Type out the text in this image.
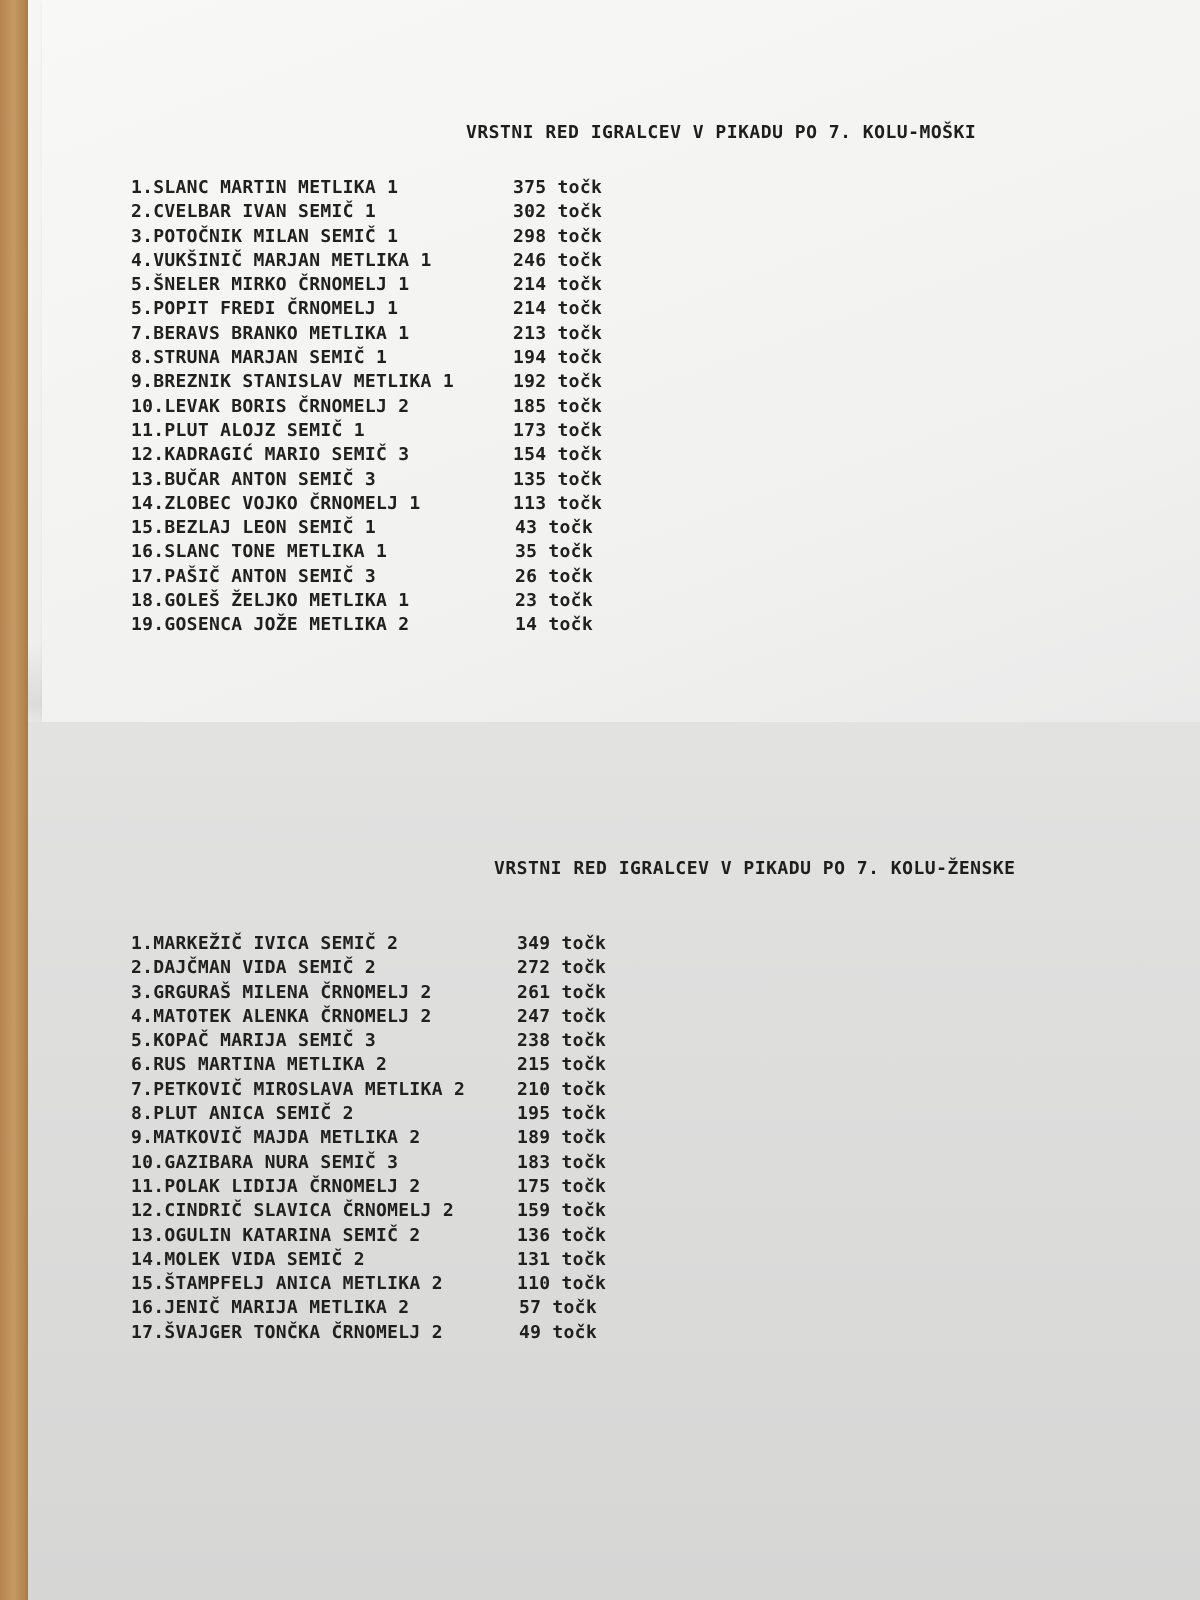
VRSTNI RED IGRALCEV V PIKADU PO 7. KOLU-MOŠKI
1.SLANC MARTIN METLIKA 1	375 točk
2.CVELBAR IVAN SEMIČ 1	302 točk
3.POTOČNIK MILAN SEMIČ 1	298 točk
4.VUKŠINIČ MARJAN METLIKA 1	246 točk
5.ŠNELER MIRKO ČRNOMELJ 1	214 točk
5.POPIT FREDI ČRNOMELJ 1	214 točk
7.BERAVS BRANKO METLIKA 1	213 točk
8.STRUNA MARJAN SEMIČ 1	194 točk
9.BREZNIK STANISLAV METLIKA 1	192 točk
10.LEVAK BORIS ČRNOMELJ 2	185 točk
11.PLUT ALOJZ SEMIČ 1	173 točk
12.KADRAGIĆ MARIO SEMIČ 3	154 točk
13.BUČAR ANTON SEMIČ 3	135 točk
14.ZLOBEC VOJKO ČRNOMELJ 1	113 točk
15.BEZLAJ LEON SEMIČ 1	43 točk
16.SLANC TONE METLIKA 1	35 točk
17.PAŠIČ ANTON SEMIČ 3	26 točk
18.GOLEŠ ŽELJKO METLIKA 1	23 točk
19.GOSENCA JOŽE METLIKA 2	14 točk
VRSTNI RED IGRALCEV V PIKADU PO 7. KOLU-ŽENSKE
1.MARKEŽIČ IVICA SEMIČ 2	349 točk
2.DAJČMAN VIDA SEMIČ 2	272 točk
3.GRGURAŠ MILENA ČRNOMELJ 2	261 točk
4.MATOTEK ALENKA ČRNOMELJ 2	247 točk
5.KOPAČ MARIJA SEMIČ 3	238 točk
6.RUS MARTINA METLIKA 2	215 točk
7.PETKOVIČ MIROSLAVA METLIKA 2	210 točk
8.PLUT ANICA SEMIČ 2	195 točk
9.MATKOVIČ MAJDA METLIKA 2	189 točk
10.GAZIBARA NURA SEMIČ 3	183 točk
11.POLAK LIDIJA ČRNOMELJ 2	175 točk
12.CINDRIČ SLAVICA ČRNOMELJ 2	159 točk
13.OGULIN KATARINA SEMIČ 2	136 točk
14.MOLEK VIDA SEMIČ 2	131 točk
15.ŠTAMPFELJ ANICA METLIKA 2	110 točk
16.JENIČ MARIJA METLIKA 2	57 točk
17.ŠVAJGER TONČKA ČRNOMELJ 2	49 točk
